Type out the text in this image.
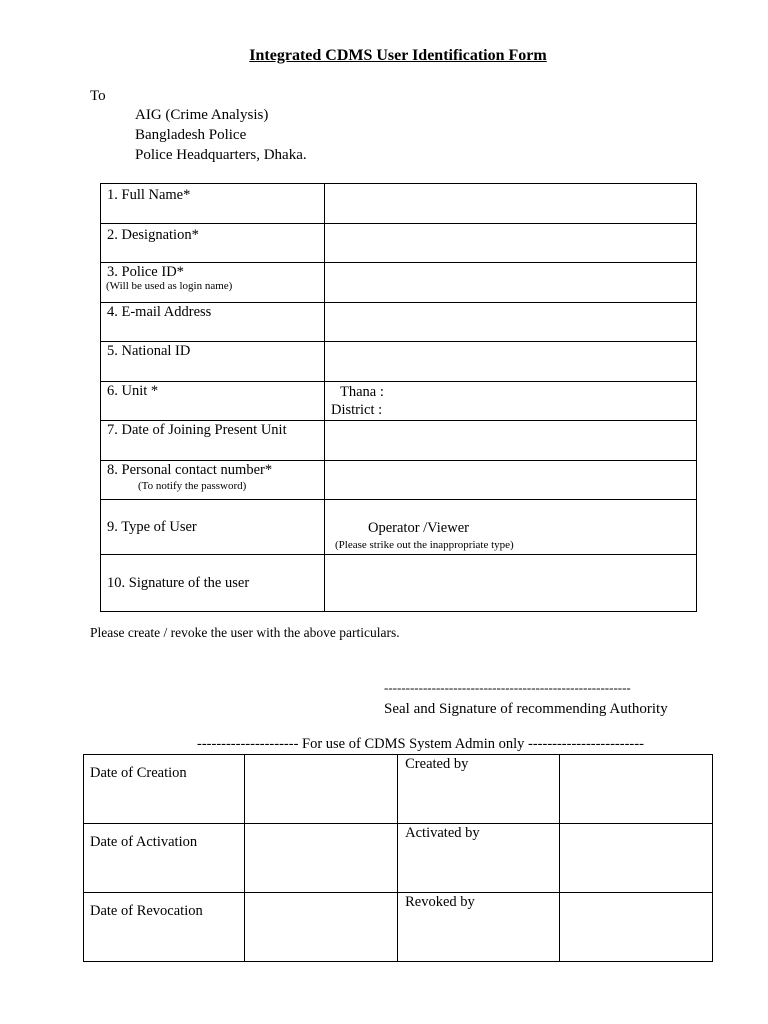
Integrated CDMS User Identification Form
To
AIG (Crime Analysis)
Bangladesh Police
Police Headquarters, Dhaka.
1. Full Name*	
2. Designation*	
3. Police ID*
(Will be used as login name)	

4. E-mail Address	
5. National ID	
6. Unit *	Thana :
District :

7. Date of Joining Present Unit	
8. Personal contact number*
(To notify the password)	

9. Type of User	Operator /Viewer
(Please strike out the inappropriate type)

10. Signature of the user	
Please create / revoke the user with the above particulars.
---------------------------------------------------------
Seal and Signature of recommending Authority
--------------------- For use of CDMS System Admin only ------------------------
Date of Creation		Created by	
Date of Activation		Activated by	
Date of Revocation		Revoked by	
